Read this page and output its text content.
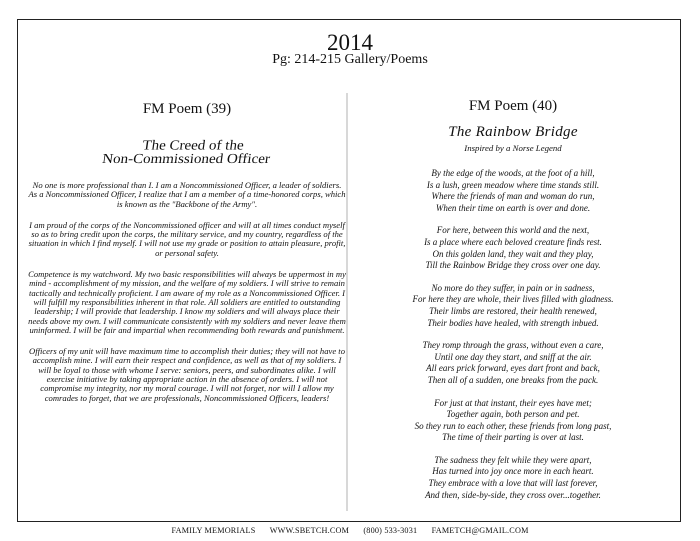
2014
Pg: 214-215 Gallery/Poems
FM Poem (39)
The Creed of the
Non-Commissioned Officer

No one is more professional than I. I am a Noncommissioned Officer, a leader of soldiers. As a Noncommissioned Officer, I realize that I am a member of a time-honored corps, which is known as the "Backbone of the Army".

I am proud of the corps of the Noncommissioned officer and will at all times conduct myself so as to bring credit upon the corps, the military service, and my country, regardless of the situation in which I find myself. I will not use my grade or position to attain pleasure, profit, or personal safety.

Competence is my watchword. My two basic responsibilities will always be uppermost in my mind - accomplishment of my mission, and the welfare of my soldiers. I will strive to remain tactically and technically proficient. I am aware of my role as a Noncommissioned Officer. I will fulfill my responsibilities inherent in that role. All soldiers are entitled to outstanding leadership; I will provide that leadership. I know my soldiers and will always place their needs above my own. I will communicate consistently with my soldiers and never leave them uninformed. I will be fair and impartial when recommending both rewards and punishment.

Officers of my unit will have maximum time to accomplish their duties; they will not have to accomplish mine. I will earn their respect and confidence, as well as that of my soldiers. I will be loyal to those with whome I serve: seniors, peers, and subordinates alike. I will exercise initiative by taking appropriate action in the absence of orders. I will not compromise my integrity, nor my moral courage. I will not forget, nor will I allow my comrades to forget, that we are professionals, Noncommissioned Officers, leaders!

FM Poem (40)
The Rainbow Bridge
Inspired by a Norse Legend
By the edge of the woods, at the foot of a hill,
Is a lush, green meadow where time stands still.
Where the friends of man and woman do run,
When their time on earth is over and done.
For here, between this world and the next,
Is a place where each beloved creature finds rest.
On this golden land, they wait and they play,
Till the Rainbow Bridge they cross over one day.
No more do they suffer, in pain or in sadness,
For here they are whole, their lives filled with gladness.
Their limbs are restored, their health renewed,
Their bodies have healed, with strength inbued.
They romp through the grass, without even a care,
Until one day they start, and sniff at the air.
All ears prick forward, eyes dart front and back,
Then all of a sudden, one breaks from the pack.
For just at that instant, their eyes have met;
Together again, both person and pet.
So they run to each other, these friends from long past,
The time of their parting is over at last.
The sadness they felt while they were apart,
Has turned into joy once more in each heart.
They embrace with a love that will last forever,
And then, side-by-side, they cross over...together.
FAMILY MEMORIALS WWW.SBETCH.COM (800) 533-3031 FAMETCH@GMAIL.COM
